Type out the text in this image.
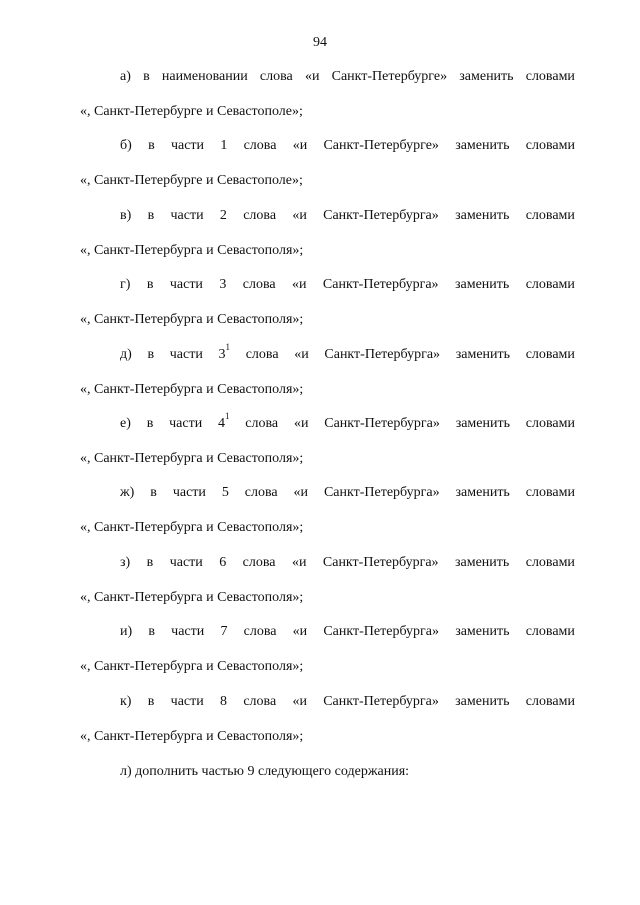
94
а) в наименовании слова «и Санкт-Петербурге» заменить словами
«, Санкт-Петербурге и Севастополе»;
б) в части 1 слова «и Санкт-Петербурге» заменить словами
«, Санкт-Петербурге и Севастополе»;
в) в части 2 слова «и Санкт-Петербурга» заменить словами
«, Санкт-Петербурга и Севастополя»;
г) в части 3 слова «и Санкт-Петербурга» заменить словами
«, Санкт-Петербурга и Севастополя»;
д) в части $3^1$ слова «и Санкт-Петербурга» заменить словами
«, Санкт-Петербурга и Севастополя»;
е) в части $4^1$ слова «и Санкт-Петербурга» заменить словами
«, Санкт-Петербурга и Севастополя»;
ж) в части 5 слова «и Санкт-Петербурга» заменить словами
«, Санкт-Петербурга и Севастополя»;
з) в части 6 слова «и Санкт-Петербурга» заменить словами
«, Санкт-Петербурга и Севастополя»;
и) в части 7 слова «и Санкт-Петербурга» заменить словами
«, Санкт-Петербурга и Севастополя»;
к) в части 8 слова «и Санкт-Петербурга» заменить словами
«, Санкт-Петербурга и Севастополя»;
л) дополнить частью 9 следующего содержания:
